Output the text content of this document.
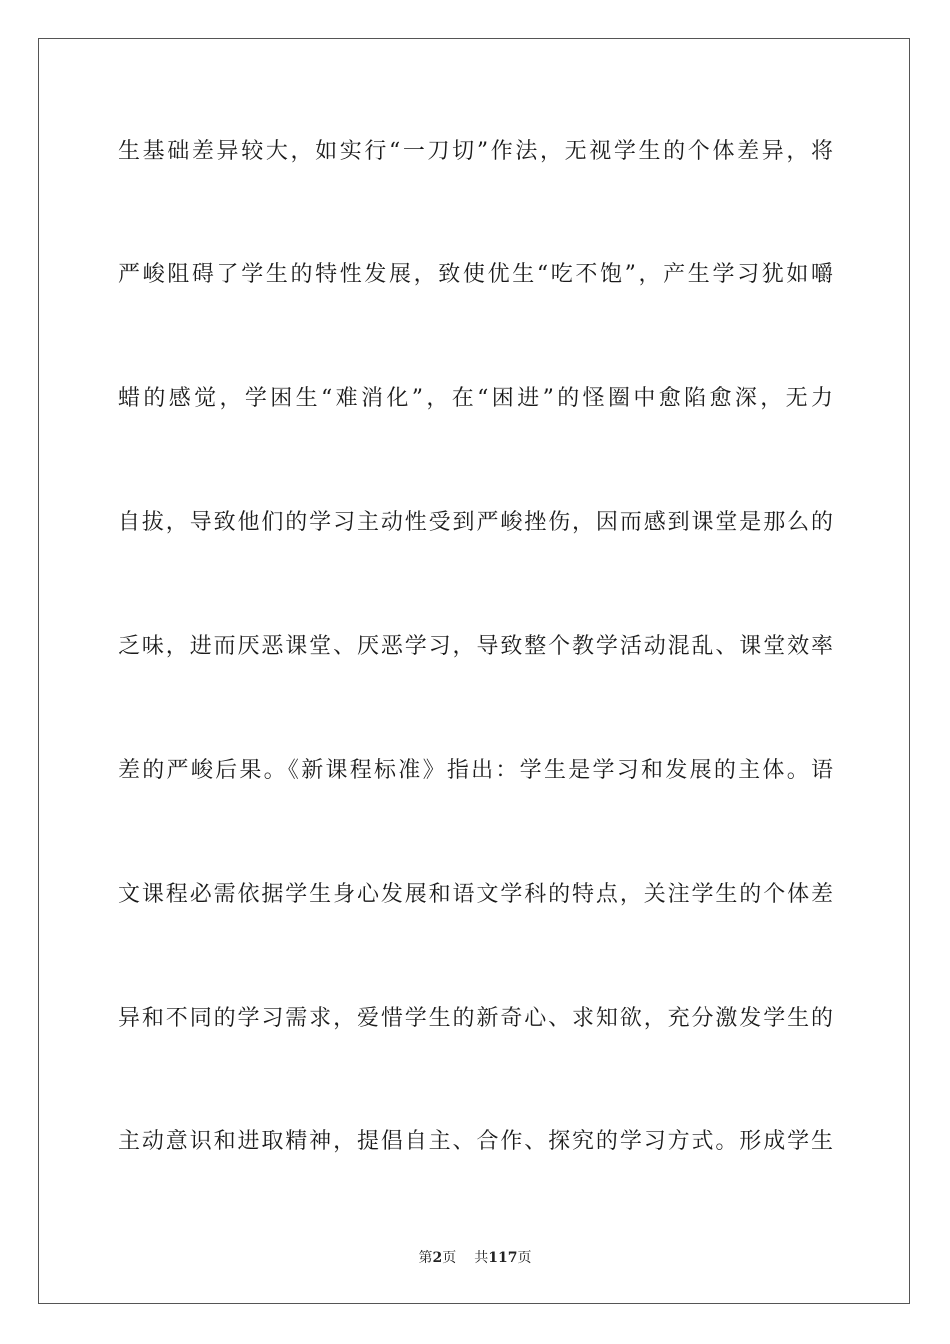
生基础差异较大，如实行“一刀切”作法，无视学生的个体差异，将
严峻阻碍了学生的特性发展，致使优生“吃不饱”，产生学习犹如嚼
蜡的感觉，学困生“难消化”，在“困进”的怪圈中愈陷愈深，无力
自拔，导致他们的学习主动性受到严峻挫伤，因而感到课堂是那么的
乏味，进而厌恶课堂、厌恶学习，导致整个教学活动混乱、课堂效率
差的严峻后果。《新课程标准》指出：学生是学习和发展的主体。语
文课程必需依据学生身心发展和语文学科的特点，关注学生的个体差
异和不同的学习需求，爱惜学生的新奇心、求知欲，充分激发学生的
主动意识和进取精神，提倡自主、合作、探究的学习方式。形成学生
第2页 共117页
